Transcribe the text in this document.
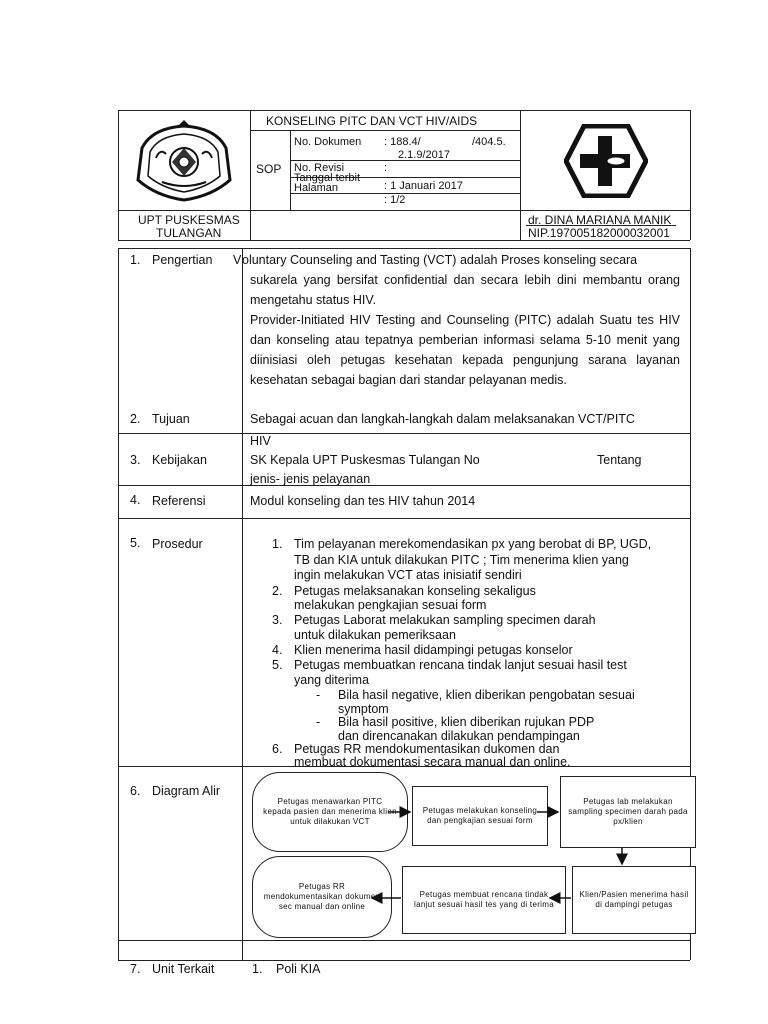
KONSELING PITC DAN VCT HIV/AIDS
SOP
No. Dokumen : 188.4/	/404.5.
2.1.9/2017
No. Revisi	:
Tanggal terbit
: 1 Januari 2017
Halaman
: 1/2
UPT PUSKESMAS
TULANGAN
dr. DINA MARIANA MANIK
NIP.197005182000032001
1. Pengertian V oluntary Counseling and Tasting (VCT) adalah Proses konseling secara
sukarela yang bersifat confidential dan secara lebih dini membantu orang mengetahu status HIV.
Provider-Initiated HIV Testing and Counseling (PITC) adalah Suatu tes HIV dan konseling atau tepatnya pemberian informasi selama 5-10 menit yang diinisiasi oleh petugas kesehatan kepada pengunjung sarana layanan kesehatan sebagai bagian dari standar pelayanan medis.
2. Tujuan	Sebagai acuan dan langkah-langkah dalam melaksanakan VCT/PITC
HIV
3. Kebijakan	SK Kepala UPT Puskesmas Tulangan No	Tentang
jenis- jenis pelayanan
4. Referensi	Modul konseling dan tes HIV tahun 2014
5. Prosedur	1. Tim pelayanan merekomendasikan px yang berobat di BP, UGD,
TB dan KIA untuk dilakukan PITC ; Tim menerima klien yang
ingin melakukan VCT atas inisiatif sendiri
2. Petugas melaksanakan konseling sekaligus
melakukan pengkajian sesuai form
3. Petugas Laborat melakukan sampling specimen darah
untuk dilakukan pemeriksaan
4. Klien menerima hasil didampingi petugas konselor
5. Petugas membuatkan rencana tindak lanjut sesuai hasil test
yang diterima
- Bila hasil negative, klien diberikan pengobatan sesuai
symptom
- Bila hasil positive, klien diberikan rujukan PDP
dan direncanakan dilakukan pendampingan
6. Petugas RR mendokumentasikan dukomen dan
membuat dokumentasi secara manual dan online.
6. Diagram Alir
Petugas menawarkan PITC kepada pasien dan menerima klien untuk dilakukan VCT
Petugas melakukan konseling dan pengkajian sesuai form
Petugas lab melakukan sampling specimen darah pada px/klien
Klien/Pasien menerima hasil di dampingi petugas
Petugas membuat rencana tindak lanjut sesuai hasil tes yang di terima
Petugas RR mendokumentasikan dokumen sec manual dan online
7. Unit Terkait	1. Poli KIA
